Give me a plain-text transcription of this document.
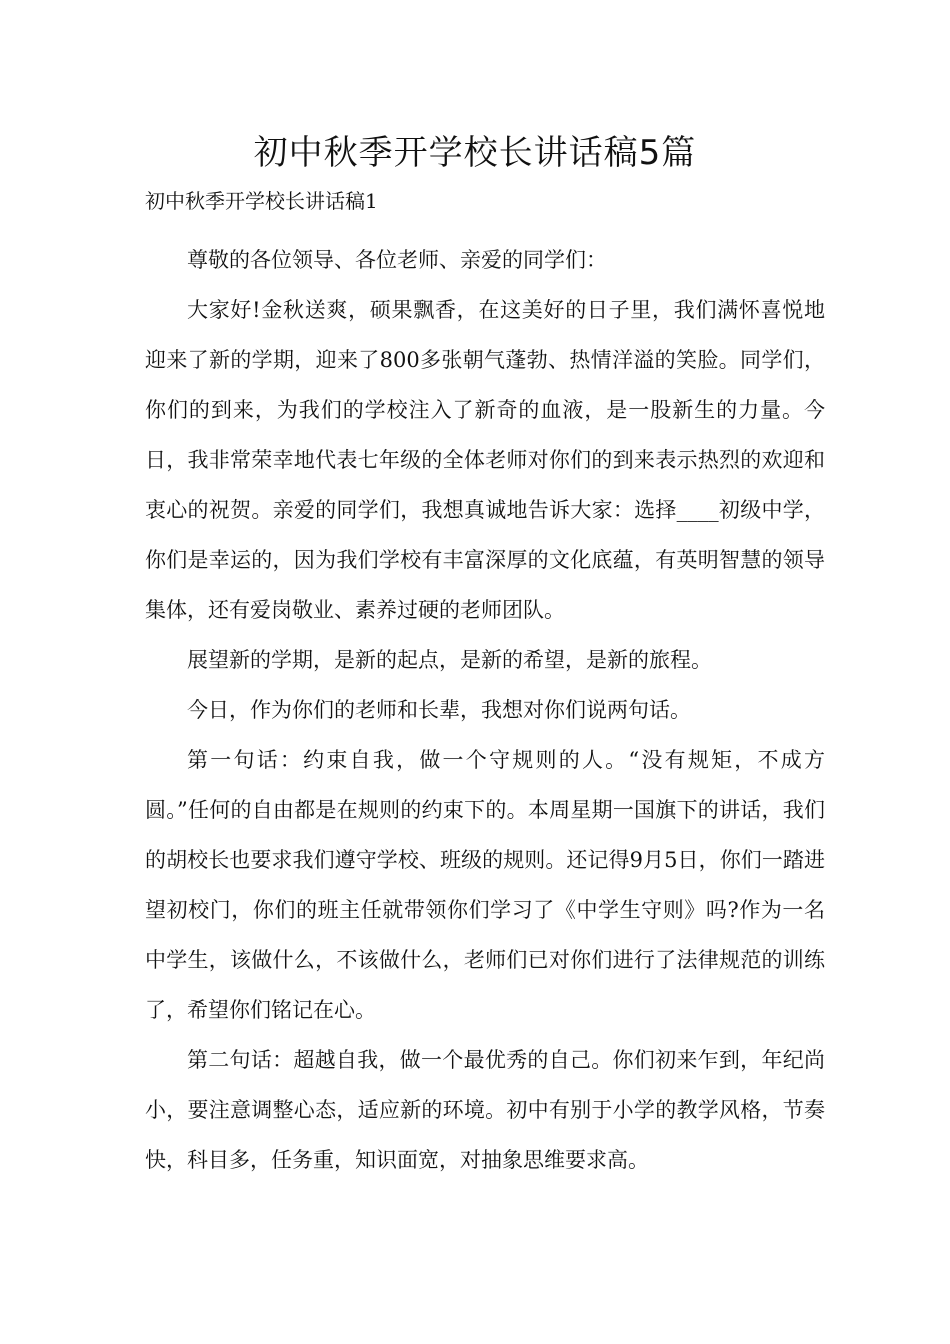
初中秋季开学校长讲话稿5篇

初中秋季开学校长讲话稿1

尊敬的各位领导、各位老师、亲爱的同学们：

大家好!金秋送爽，硕果飘香，在这美好的日子里，我们满怀喜悦地迎来了新的学期，迎来了800多张朝气蓬勃、热情洋溢的笑脸。同学们，你们的到来，为我们的学校注入了新奇的血液，是一股新生的力量。今日，我非常荣幸地代表七年级的全体老师对你们的到来表示热烈的欢迎和衷心的祝贺。亲爱的同学们，我想真诚地告诉大家：选择____初级中学，你们是幸运的，因为我们学校有丰富深厚的文化底蕴，有英明智慧的领导集体，还有爱岗敬业、素养过硬的老师团队。

展望新的学期，是新的起点，是新的希望，是新的旅程。

今日，作为你们的老师和长辈，我想对你们说两句话。

第一句话：约束自我，做一个守规则的人。“没有规矩，不成方圆。”任何的自由都是在规则的约束下的。本周星期一国旗下的讲话，我们的胡校长也要求我们遵守学校、班级的规则。还记得9月5日，你们一踏进望初校门，你们的班主任就带领你们学习了《中学生守则》吗?作为一名中学生，该做什么，不该做什么，老师们已对你们进行了法律规范的训练了，希望你们铭记在心。

第二句话：超越自我，做一个最优秀的自己。你们初来乍到，年纪尚小，要注意调整心态，适应新的环境。初中有别于小学的教学风格，节奏快，科目多，任务重，知识面宽，对抽象思维要求高。
